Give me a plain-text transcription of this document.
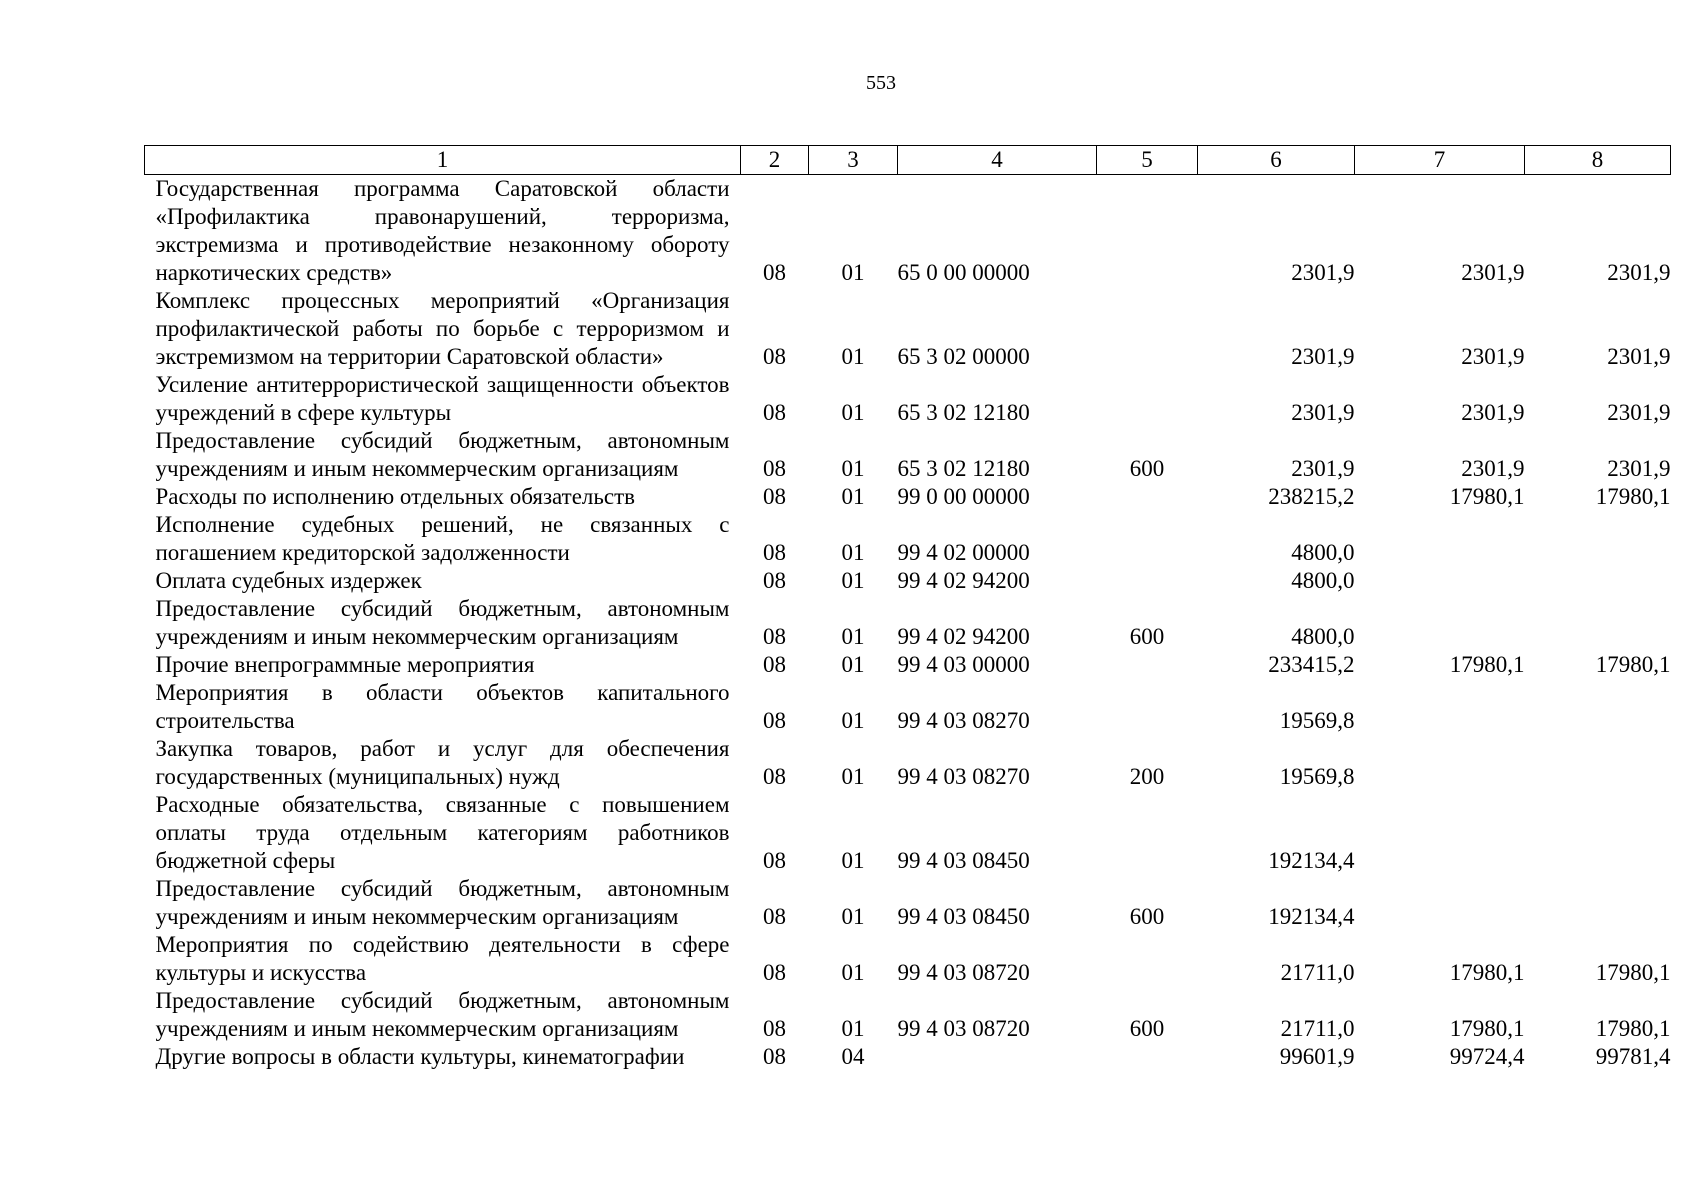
553
1	2	3	4	5	6	7	8
Государственная программа Саратовской области «Профилактика правонарушений, терроризма, экстремизма и противодействие незаконному обороту наркотических средств»	08	01	65 0 00 00000		2301,9	2301,9	2301,9
Комплекс процессных мероприятий «Организация профилактической работы по борьбе с терроризмом и экстремизмом на территории Саратовской области»	08	01	65 3 02 00000		2301,9	2301,9	2301,9
Усиление антитеррористической защищенности объектов учреждений в сфере культуры	08	01	65 3 02 12180		2301,9	2301,9	2301,9
Предоставление субсидий бюджетным, автономным учреждениям и иным некоммерческим организациям	08	01	65 3 02 12180	600	2301,9	2301,9	2301,9
Расходы по исполнению отдельных обязательств	08	01	99 0 00 00000		238215,2	17980,1	17980,1
Исполнение судебных решений, не связанных с погашением кредиторской задолженности	08	01	99 4 02 00000		4800,0		
Оплата судебных издержек	08	01	99 4 02 94200		4800,0		
Предоставление субсидий бюджетным, автономным учреждениям и иным некоммерческим организациям	08	01	99 4 02 94200	600	4800,0		
Прочие внепрограммные мероприятия	08	01	99 4 03 00000		233415,2	17980,1	17980,1
Мероприятия в области объектов капитального строительства	08	01	99 4 03 08270		19569,8		
Закупка товаров, работ и услуг для обеспечения государственных (муниципальных) нужд	08	01	99 4 03 08270	200	19569,8		
Расходные обязательства, связанные с повышением оплаты труда отдельным категориям работников бюджетной сферы	08	01	99 4 03 08450		192134,4		
Предоставление субсидий бюджетным, автономным учреждениям и иным некоммерческим организациям	08	01	99 4 03 08450	600	192134,4		
Мероприятия по содействию деятельности в сфере культуры и искусства	08	01	99 4 03 08720		21711,0	17980,1	17980,1
Предоставление субсидий бюджетным, автономным учреждениям и иным некоммерческим организациям	08	01	99 4 03 08720	600	21711,0	17980,1	17980,1
Другие вопросы в области культуры, кинематографии	08	04			99601,9	99724,4	99781,4
